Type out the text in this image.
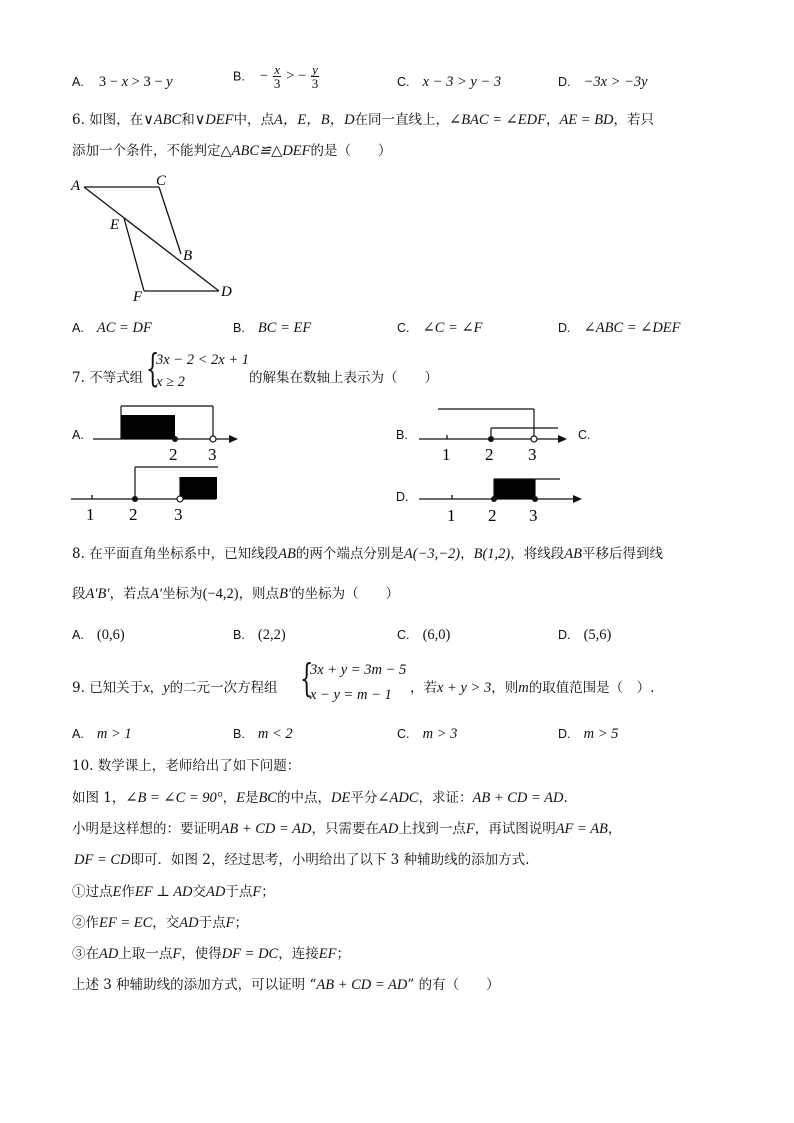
A. 3 − x > 3 − y	B. − $\frac{x}{3}$ > − $\frac{y}{3}$	C. x − 3 > y − 3	D. −3x > −3y
6. 如图，在∨ABC和∨DEF中，点A，E，B，D在同一直线上，∠BAC = ∠EDF，AE = BD，若只
添加一个条件，不能判定△ABC≌△DEF的是（　　）
A	C
E
B
F	D
A. AC = DF	B. BC = EF	C. ∠C = ∠F	D. ∠ABC = ∠DEF
7. 不等式组 {
3x − 2 < 2x + 1
x ≥ 2	的解集在数轴上表示为（　　）
A.
2 3
1 2 3
B.
1 2 3
C.
D.
1 2 3
8. 在平面直角坐标系中，已知线段AB的两个端点分别是A(−3,−2)，B(1,2)，将线段AB平移后得到线
段A′B′，若点A′坐标为(−4,2)，则点B′的坐标为（　　）
A. (0,6)	B. (2,2)	C. (6,0)	D. (5,6)
9. 已知关于x，y的二元一次方程组 {
3x + y = 3m − 5
x − y = m − 1 ，若x + y > 3，则m的取值范围是（　）.
A. m > 1	B. m < 2	C. m > 3	D. m > 5
10. 数学课上，老师给出了如下问题：
如图 1，∠B = ∠C = 90°，E是BC的中点，DE平分∠ADC，求证：AB + CD = AD.
小明是这样想的：要证明AB + CD = AD，只需要在AD上找到一点F，再试图说明AF = AB，
DF = CD即可．如图 2，经过思考，小明给出了以下 3 种辅助线的添加方式.
①过点E作EF ⊥ AD交AD于点F；
②作EF = EC，交AD于点F；
③在AD上取一点F，使得DF = DC，连接EF；
上述 3 种辅助线的添加方式，可以证明 “AB + CD = AD” 的有（　　）
